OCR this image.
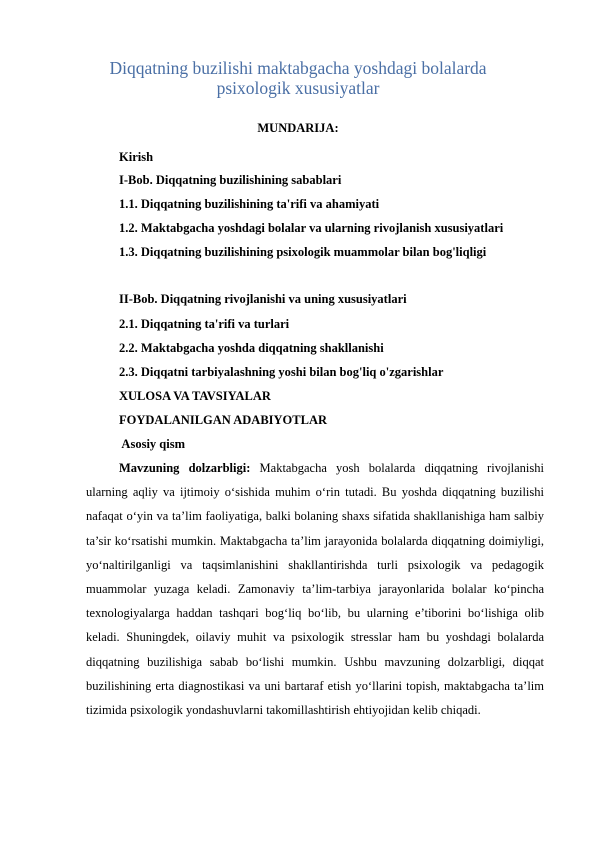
Diqqatning buzilishi maktabgacha yoshdagi bolalarda
psixologik xususiyatlar
MUNDARIJA:
Kirish
I-Bob. Diqqatning buzilishining sabablari
1.1. Diqqatning buzilishining ta'rifi va ahamiyati
1.2. Maktabgacha yoshdagi bolalar va ularning rivojlanish xususiyatlari
1.3. Diqqatning buzilishining psixologik muammolar bilan bog'liqligi
II-Bob. Diqqatning rivojlanishi va uning xususiyatlari
2.1. Diqqatning ta'rifi va turlari
2.2. Maktabgacha yoshda diqqatning shakllanishi
2.3. Diqqatni tarbiyalashning yoshi bilan bog'liq o'zgarishlar
XULOSA VA TAVSIYALAR
FOYDALANILGAN ADABIYOTLAR
Asosiy qism

Mavzuning dolzarbligi: Maktabgacha yosh bolalarda diqqatning rivojlanishi ularning aqliy va ijtimoiy o‘sishida muhim o‘rin tutadi. Bu yoshda diqqatning buzilishi nafaqat o‘yin va ta’lim faoliyatiga, balki bolaning shaxs sifatida shakllanishiga ham salbiy ta’sir ko‘rsatishi mumkin. Maktabgacha ta’lim jarayonida bolalarda diqqatning doimiyligi, yo‘naltirilganligi va taqsimlanishini shakllantirishda turli psixologik va pedagogik muammolar yuzaga keladi. Zamonaviy ta’lim-tarbiya jarayonlarida bolalar ko‘pincha texnologiyalarga haddan tashqari bog‘liq bo‘lib, bu ularning e’tiborini bo‘lishiga olib keladi. Shuningdek, oilaviy muhit va psixologik stresslar ham bu yoshdagi bolalarda diqqatning buzilishiga sabab bo‘lishi mumkin. Ushbu mavzuning dolzarbligi, diqqat buzilishining erta diagnostikasi va uni bartaraf etish yo‘llarini topish, maktabgacha ta’lim tizimida psixologik yondashuvlarni takomillashtirish ehtiyojidan kelib chiqadi.
